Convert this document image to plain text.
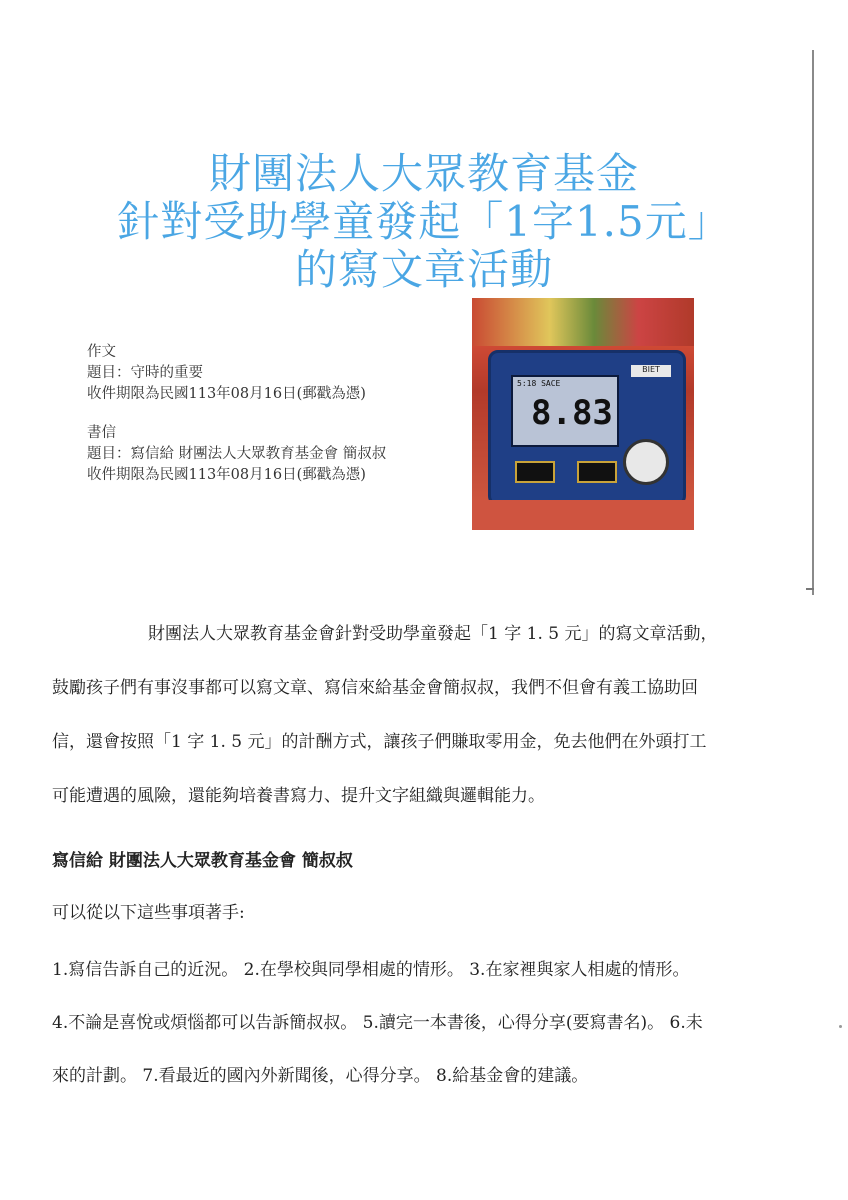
財團法人大眾教育基金
針對受助學童發起「1字1.5元」
的寫文章活動
作文
題目：守時的重要
收件期限為民國113年08月16日(郵戳為憑)
書信
題目：寫信給 財團法人大眾教育基金會 簡叔叔
收件期限為民國113年08月16日(郵戳為憑)
5:18 SACE
8.83
BIET
財團法人大眾教育基金會針對受助學童發起「1 字 1. 5 元」的寫文章活動，
鼓勵孩子們有事沒事都可以寫文章、寫信來給基金會簡叔叔，我們不但會有義工協助回
信，還會按照「1 字 1. 5 元」的計酬方式，讓孩子們賺取零用金，免去他們在外頭打工
可能遭遇的風險，還能夠培養書寫力、提升文字組織與邏輯能力。
寫信給 財團法人大眾教育基金會 簡叔叔
可以從以下這些事項著手:
1.寫信告訴自己的近況。 2.在學校與同學相處的情形。 3.在家裡與家人相處的情形。
4.不論是喜悅或煩惱都可以告訴簡叔叔。 5.讀完一本書後，心得分享(要寫書名)。 6.未
來的計劃。 7.看最近的國內外新聞後，心得分享。 8.給基金會的建議。
